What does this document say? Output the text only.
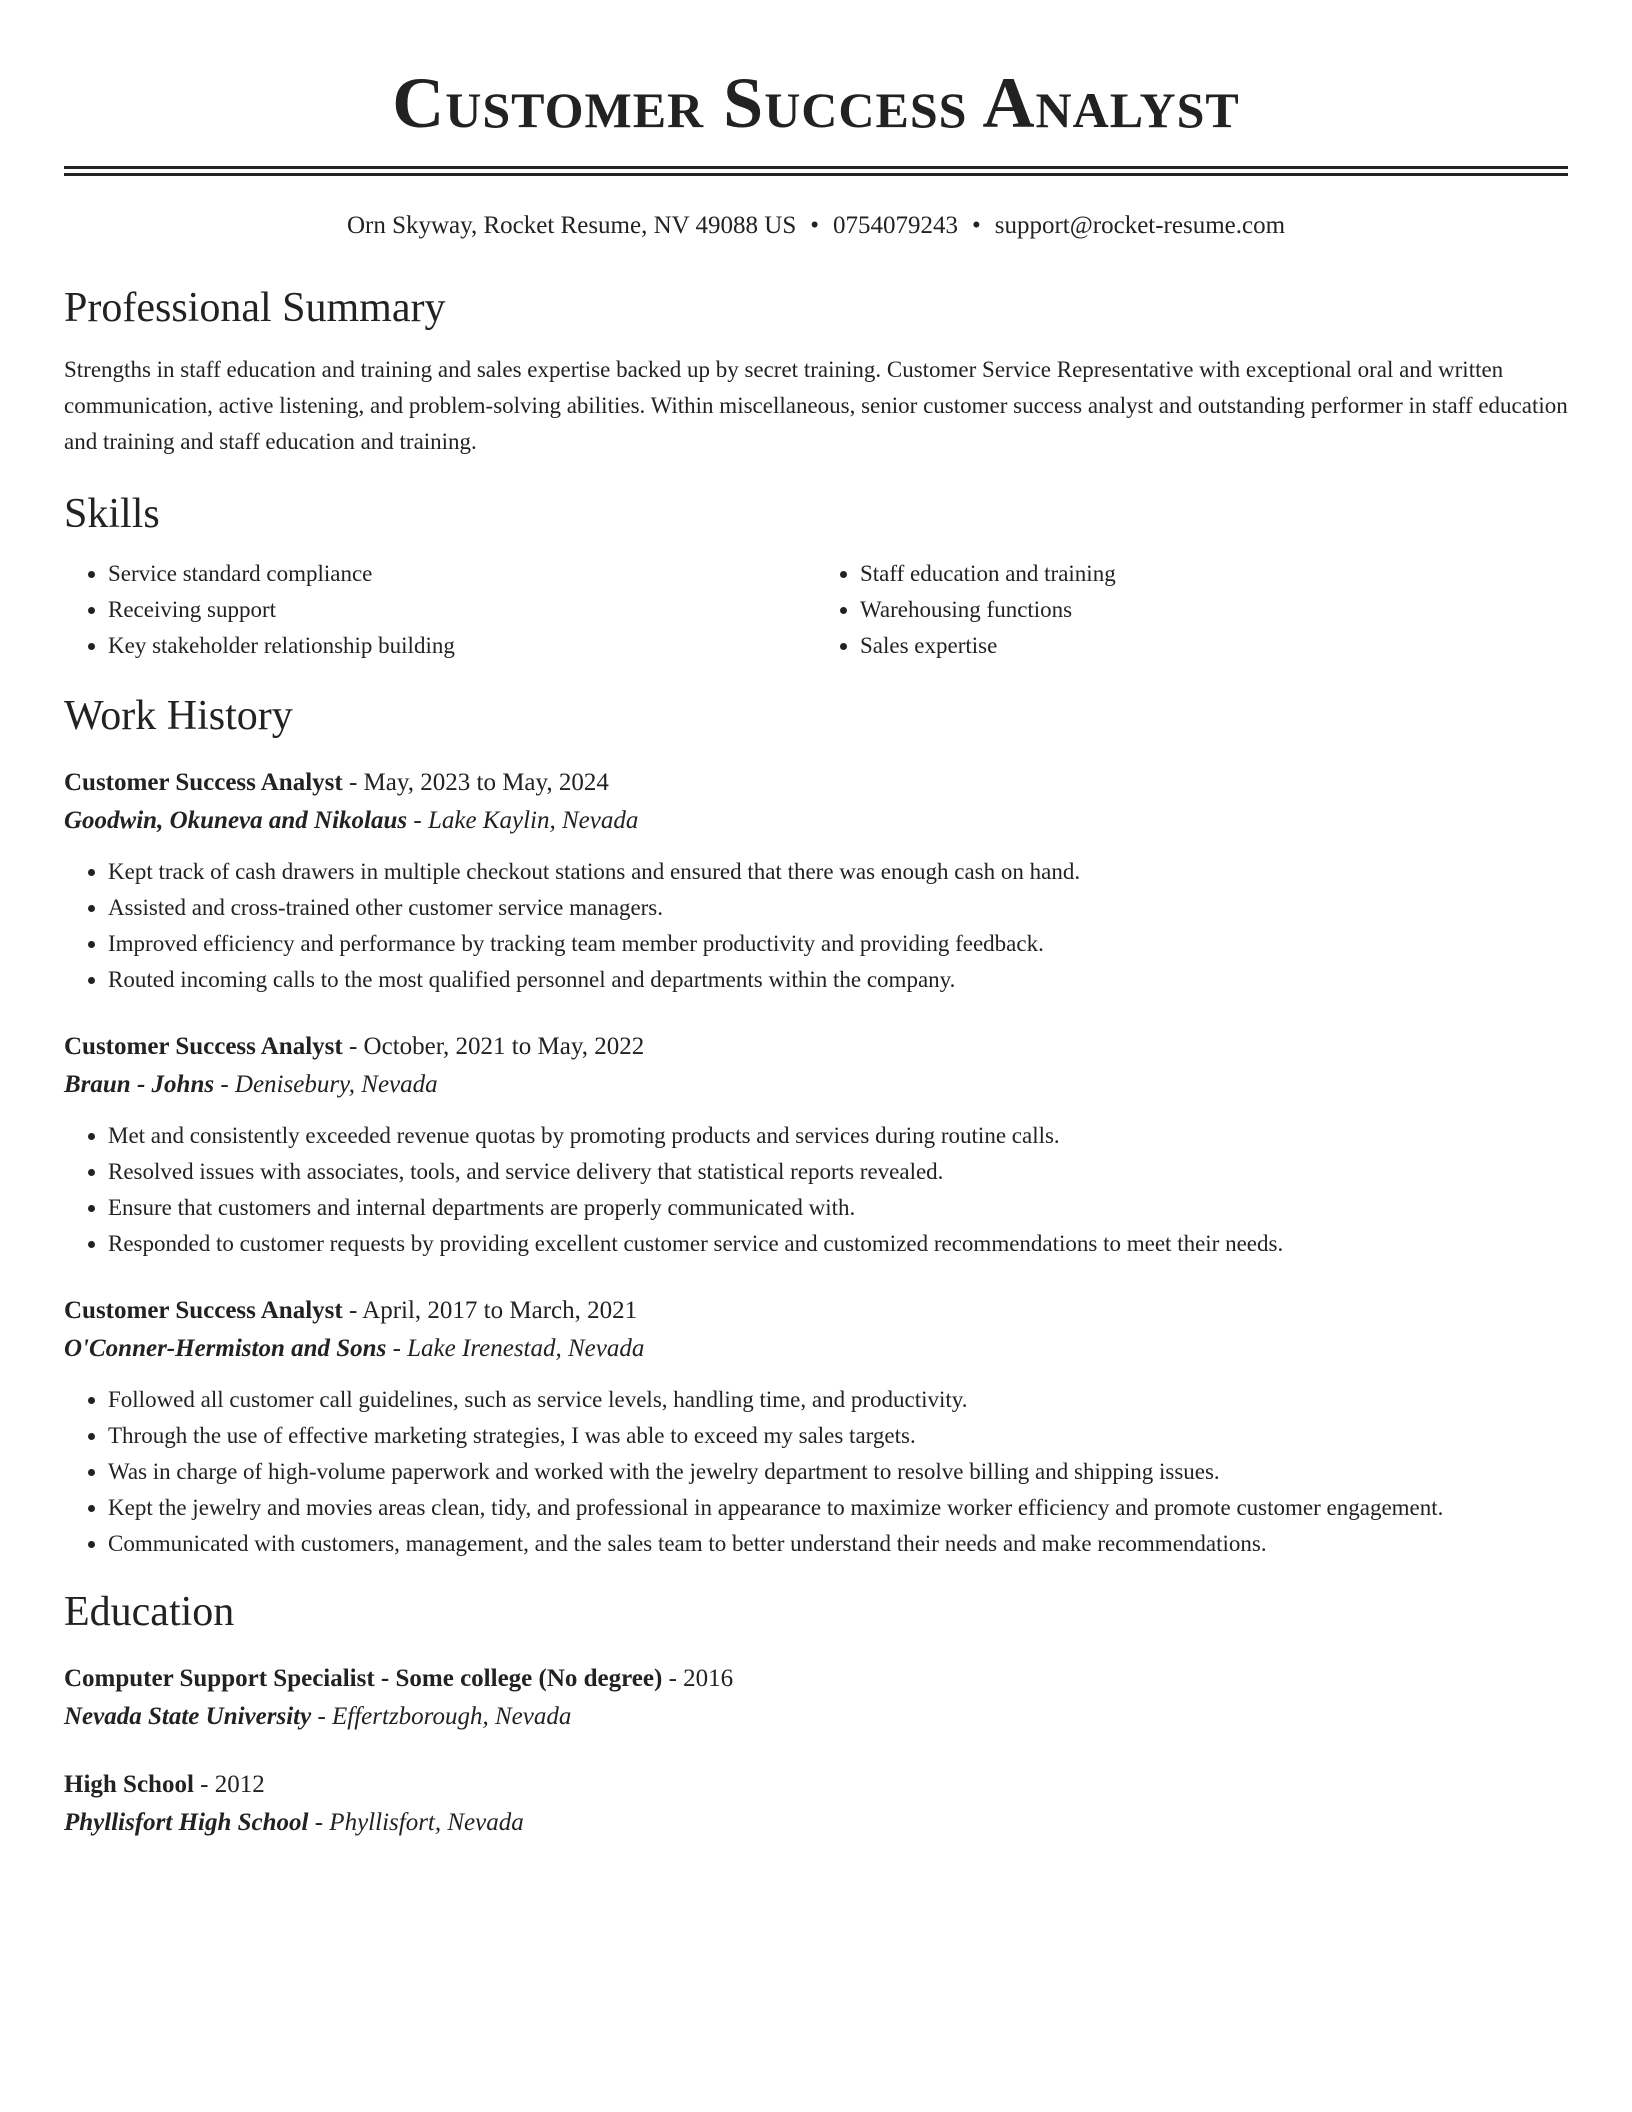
Customer Success Analyst
Orn Skyway, Rocket Resume, NV 49088 US • 0754079243 • support@rocket-resume.com
Professional Summary
Strengths in staff education and training and sales expertise backed up by secret training. Customer Service Representative with exceptional oral and written communication, active listening, and problem-solving abilities. Within miscellaneous, senior customer success analyst and outstanding performer in staff education and training and staff education and training.
Skills
• Service standard compliance
• Receiving support
• Key stakeholder relationship building
• Staff education and training
• Warehousing functions
• Sales expertise
Work History
Customer Success Analyst - May, 2023 to May, 2024
Goodwin, Okuneva and Nikolaus - Lake Kaylin, Nevada
• Kept track of cash drawers in multiple checkout stations and ensured that there was enough cash on hand.
• Assisted and cross-trained other customer service managers.
• Improved efficiency and performance by tracking team member productivity and providing feedback.
• Routed incoming calls to the most qualified personnel and departments within the company.
Customer Success Analyst - October, 2021 to May, 2022
Braun - Johns - Denisebury, Nevada
• Met and consistently exceeded revenue quotas by promoting products and services during routine calls.
• Resolved issues with associates, tools, and service delivery that statistical reports revealed.
• Ensure that customers and internal departments are properly communicated with.
• Responded to customer requests by providing excellent customer service and customized recommendations to meet their needs.
Customer Success Analyst - April, 2017 to March, 2021
O'Conner-Hermiston and Sons - Lake Irenestad, Nevada
• Followed all customer call guidelines, such as service levels, handling time, and productivity.
• Through the use of effective marketing strategies, I was able to exceed my sales targets.
• Was in charge of high-volume paperwork and worked with the jewelry department to resolve billing and shipping issues.
• Kept the jewelry and movies areas clean, tidy, and professional in appearance to maximize worker efficiency and promote customer engagement.
• Communicated with customers, management, and the sales team to better understand their needs and make recommendations.
Education
Computer Support Specialist - Some college (No degree) - 2016
Nevada State University - Effertzborough, Nevada
High School - 2012
Phyllisfort High School - Phyllisfort, Nevada
